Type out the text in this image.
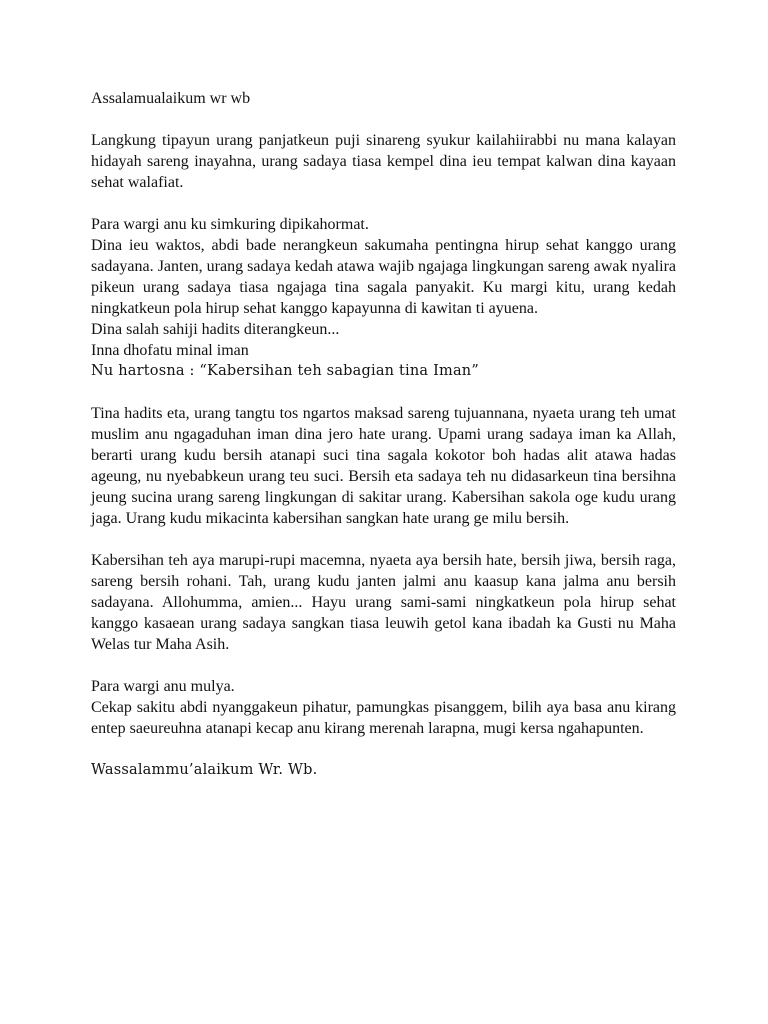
Assalamualaikum wr wb

Langkung tipayun urang panjatkeun puji sinareng syukur kailahiirabbi nu mana kalayan hidayah sareng inayahna, urang sadaya tiasa kempel dina ieu tempat kalwan dina kayaan sehat walafiat.

Para wargi anu ku simkuring dipikahormat.

Dina ieu waktos, abdi bade nerangkeun sakumaha pentingna hirup sehat kanggo urang sadayana. Janten, urang sadaya kedah atawa wajib ngajaga lingkungan sareng awak nyalira pikeun urang sadaya tiasa ngajaga tina sagala panyakit. Ku margi kitu, urang kedah ningkatkeun pola hirup sehat kanggo kapayunna di kawitan ti ayuena.

Dina salah sahiji hadits diterangkeun...

Inna dhofatu minal iman

Nu hartosna : “Kabersihan teh sabagian tina Iman”

Tina hadits eta, urang tangtu tos ngartos maksad sareng tujuannana, nyaeta urang teh umat muslim anu ngagaduhan iman dina jero hate urang. Upami urang sadaya iman ka Allah, berarti urang kudu bersih atanapi suci tina sagala kokotor boh hadas alit atawa hadas ageung, nu nyebabkeun urang teu suci. Bersih eta sadaya teh nu didasarkeun tina bersihna jeung sucina urang sareng lingkungan di sakitar urang. Kabersihan sakola oge kudu urang jaga. Urang kudu mikacinta kabersihan sangkan hate urang ge milu bersih.

Kabersihan teh aya marupi-rupi macemna, nyaeta aya bersih hate, bersih jiwa, bersih raga, sareng bersih rohani. Tah, urang kudu janten jalmi anu kaasup kana jalma anu bersih sadayana. Allohumma, amien... Hayu urang sami-sami ningkatkeun pola hirup sehat kanggo kasaean urang sadaya sangkan tiasa leuwih getol kana ibadah ka Gusti nu Maha Welas tur Maha Asih.

Para wargi anu mulya.

Cekap sakitu abdi nyanggakeun pihatur, pamungkas pisanggem, bilih aya basa anu kirang entep saeureuhna atanapi kecap anu kirang merenah larapna, mugi kersa ngahapunten.

Wassalammu’alaikum Wr. Wb.
